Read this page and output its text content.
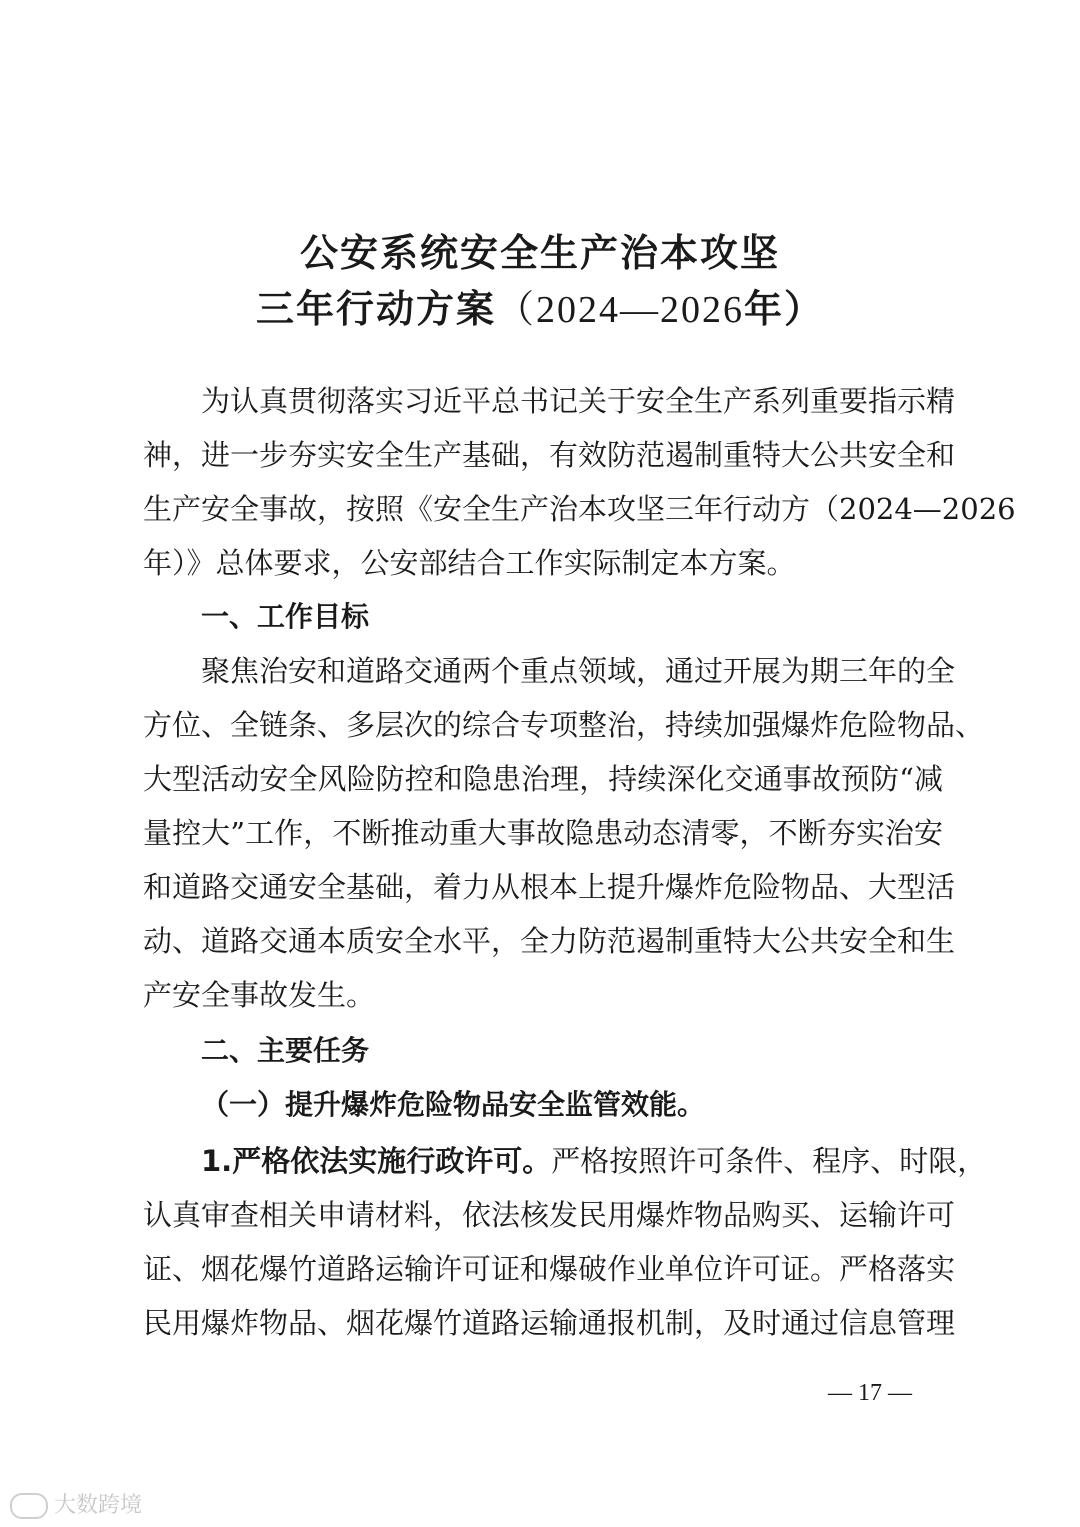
公安系统安全生产治本攻坚
三年行动方案（2024—2026年）
为认真贯彻落实习近平总书记关于安全生产系列重要指示精
神，进一步夯实安全生产基础，有效防范遏制重特大公共安全和
生产安全事故，按照《安全生产治本攻坚三年行动方（2024—2026
年）》总体要求，公安部结合工作实际制定本方案。
一、工作目标
聚焦治安和道路交通两个重点领域，通过开展为期三年的全
方位、全链条、多层次的综合专项整治，持续加强爆炸危险物品、
大型活动安全风险防控和隐患治理，持续深化交通事故预防“减
量控大”工作，不断推动重大事故隐患动态清零，不断夯实治安
和道路交通安全基础，着力从根本上提升爆炸危险物品、大型活
动、道路交通本质安全水平，全力防范遏制重特大公共安全和生
产安全事故发生。
二、主要任务
（一）提升爆炸危险物品安全监管效能。
1.严格依法实施行政许可。严格按照许可条件、程序、时限，
认真审查相关申请材料，依法核发民用爆炸物品购买、运输许可
证、烟花爆竹道路运输许可证和爆破作业单位许可证。严格落实
民用爆炸物品、烟花爆竹道路运输通报机制，及时通过信息管理
— 17 —
大数跨境
